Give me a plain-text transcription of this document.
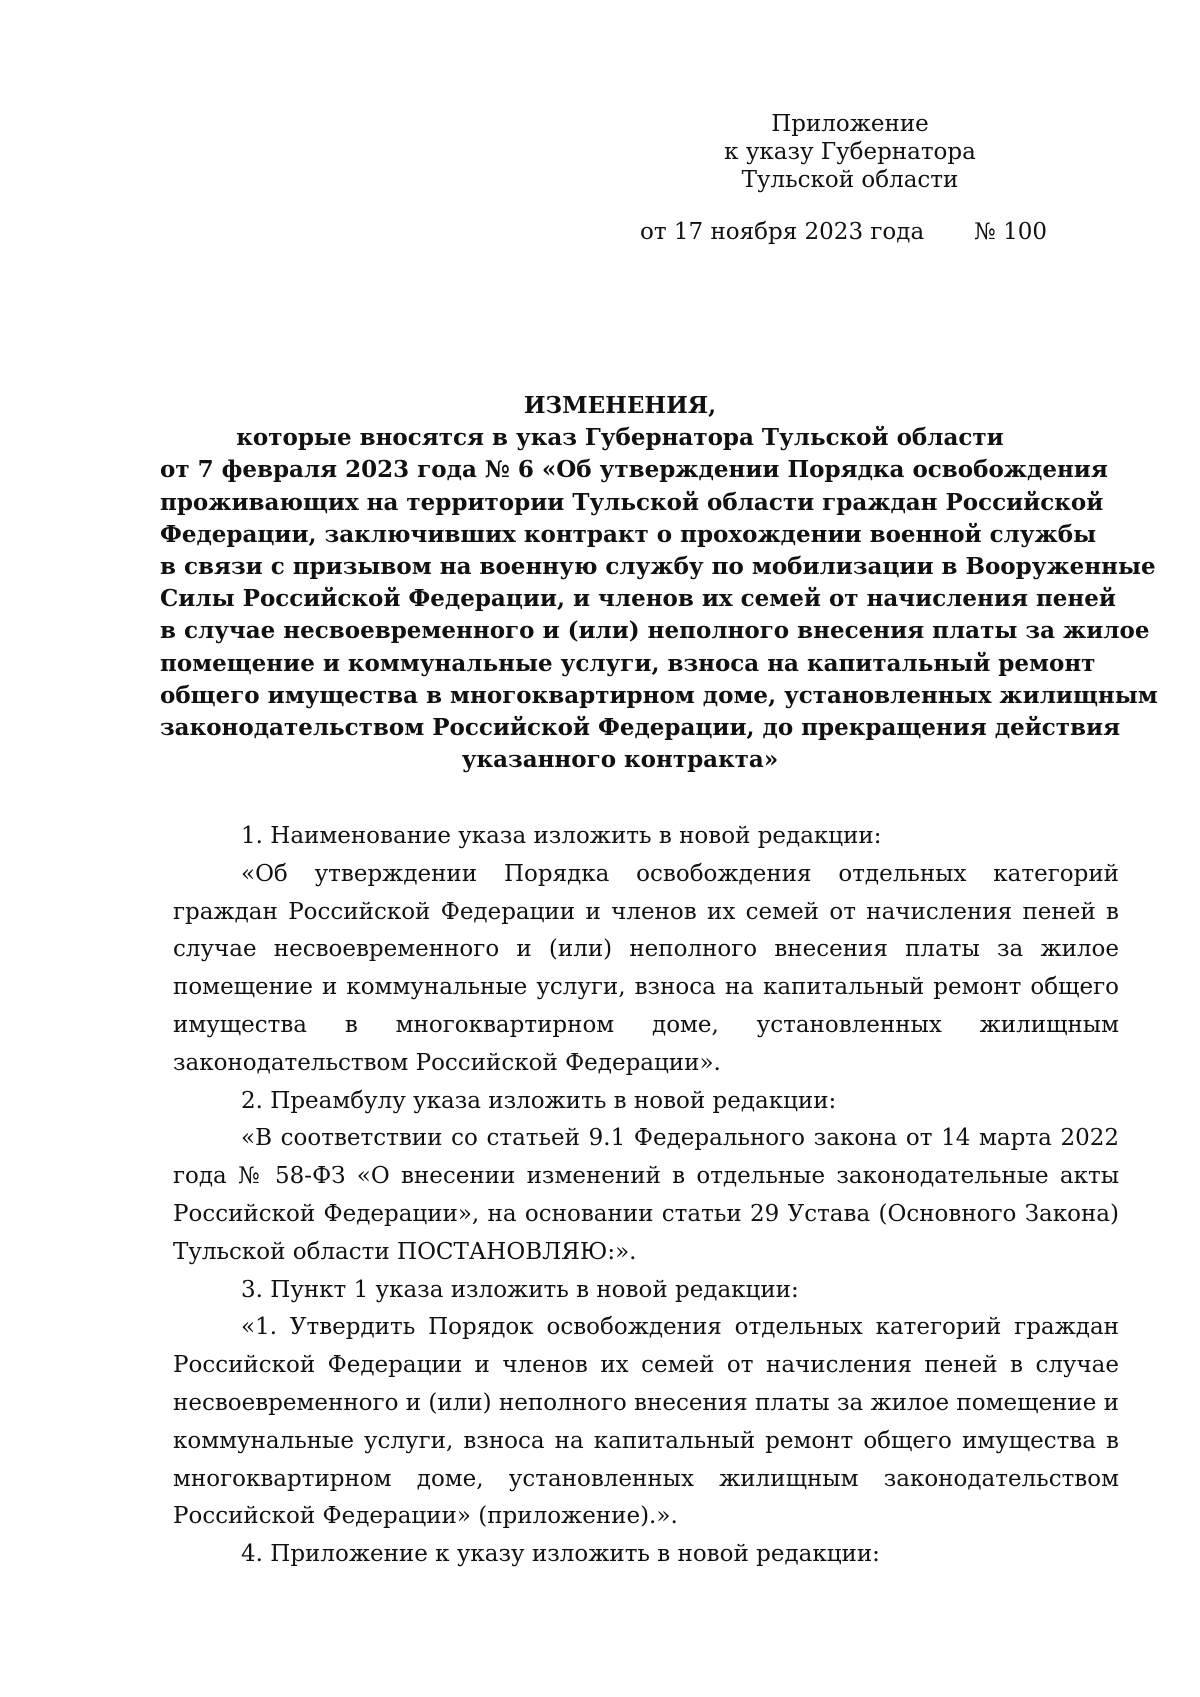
Приложение
к указу Губернатора
Тульской области
от 17 ноября 2023 года № 100
ИЗМЕНЕНИЯ,
которые вносятся в указ Губернатора Тульской области
от 7 февраля 2023 года № 6 «Об утверждении Порядка освобождения
проживающих на территории Тульской области граждан Российской
Федерации, заключивших контракт о прохождении военной службы
в связи с призывом на военную службу по мобилизации в Вооруженные
Силы Российской Федерации, и членов их семей от начисления пеней
в случае несвоевременного и (или) неполного внесения платы за жилое
помещение и коммунальные услуги, взноса на капитальный ремонт
общего имущества в многоквартирном доме, установленных жилищным
законодательством Российской Федерации, до прекращения действия
указанного контракта»

1. Наименование указа изложить в новой редакции:

«Об утверждении Порядка освобождения отдельных категорий граждан Российской Федерации и членов их семей от начисления пеней в случае несвоевременного и (или) неполного внесения платы за жилое помещение и коммунальные услуги, взноса на капитальный ремонт общего имущества в многоквартирном доме, установленных жилищным законодательством Российской Федерации».

2. Преамбулу указа изложить в новой редакции:

«В соответствии со статьей 9.1 Федерального закона от 14 марта 2022 года № 58-ФЗ «О внесении изменений в отдельные законодательные акты Российской Федерации», на основании статьи 29 Устава (Основного Закона) Тульской области ПОСТАНОВЛЯЮ:».

3. Пункт 1 указа изложить в новой редакции:

«1. Утвердить Порядок освобождения отдельных категорий граждан Российской Федерации и членов их семей от начисления пеней в случае несвоевременного и (или) неполного внесения платы за жилое помещение и коммунальные услуги, взноса на капитальный ремонт общего имущества в многоквартирном доме, установленных жилищным законодательством Российской Федерации» (приложение).».

4. Приложение к указу изложить в новой редакции:
